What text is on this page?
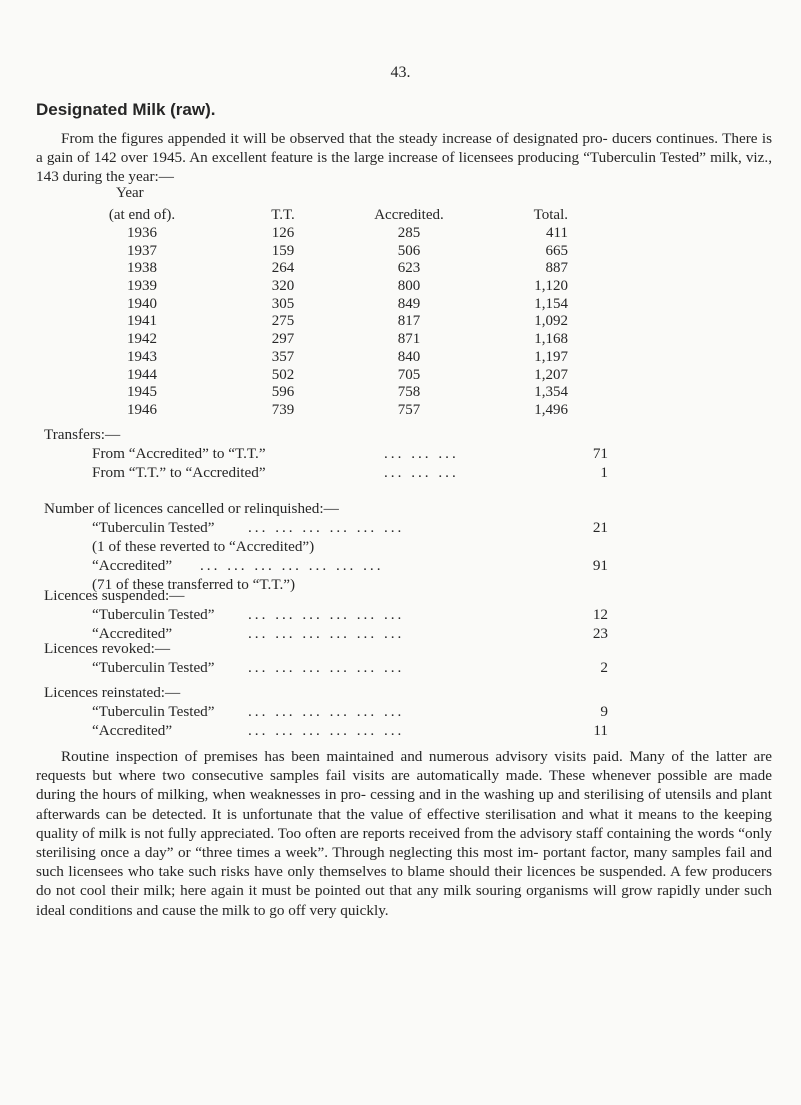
43.
Designated Milk (raw).

From the figures appended it will be observed that the steady increase of designated pro- ducers continues. There is a gain of 142 over 1945. An excellent feature is the large increase of licensees producing “Tuberculin Tested” milk, viz., 143 during the year:—

Year
(at end of).	T.T.	Accredited.	Total.
1936	126	285	411
1937	159	506	665
1938	264	623	887
1939	320	800	1,120
1940	305	849	1,154
1941	275	817	1,092
1942	297	871	1,168
1943	357	840	1,197
1944	502	705	1,207
1945	596	758	1,354
1946	739	757	1,496
Transfers:—
From “Accredited” to “T.T.”	... ... ...	71
From “T.T.” to “Accredited”	... ... ...	1
Number of licences cancelled or relinquished:—
“Tuberculin Tested” ... ... ... ... ... ...	21
(1 of these reverted to “Accredited”)
“Accredited” ... ... ... ... ... ... ...	91
(71 of these transferred to “T.T.”)
Licences suspended:—
“Tuberculin Tested” ... ... ... ... ... ...	12
“Accredited”	... ... ... ... ... ...	23
Licences revoked:—
“Tuberculin Tested” ... ... ... ... ... ...	2
Licences reinstated:—
“Tuberculin Tested” ... ... ... ... ... ...	9
“Accredited”	... ... ... ... ... ...	11

Routine inspection of premises has been maintained and numerous advisory visits paid. Many of the latter are requests but where two consecutive samples fail visits are automatically made. These whenever possible are made during the hours of milking, when weaknesses in pro- cessing and in the washing up and sterilising of utensils and plant afterwards can be detected. It is unfortunate that the value of effective sterilisation and what it means to the keeping quality of milk is not fully appreciated. Too often are reports received from the advisory staff containing the words “only sterilising once a day” or “three times a week”. Through neglecting this most im- portant factor, many samples fail and such licensees who take such risks have only themselves to blame should their licences be suspended. A few producers do not cool their milk; here again it must be pointed out that any milk souring organisms will grow rapidly under such ideal conditions and cause the milk to go off very quickly.
